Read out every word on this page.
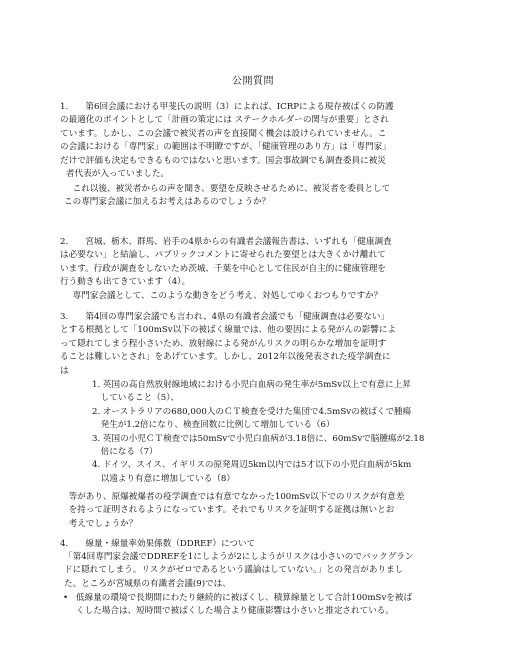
公開質問

1.　　第6回会議における甲斐氏の説明（3）によれば、ICRPによる現存被ばくの防護

の最適化のポイントとして「計画の策定には ステークホルダーの関与が重要」とされ

ています。しかし、この会議で被災者の声を直接聞く機会は設けられていません。こ

の会議における「専門家」の範囲は不明瞭ですが、「健康管理のあり方」は「専門家」

だけで評価も決定もできるものではないと思います。国会事故調でも調査委員に被災

者代表が入っていました。

　これ以後、被災者からの声を聞き、要望を反映させるために、被災者を委員として

この専門家会議に加えるお考えはあるのでしょうか？

2.　　宮城、栃木、群馬、岩手の4県からの有識者会議報告書は、いずれも「健康調査

は必要ない」と結論し、パブリックコメントに寄せられた要望とは大きくかけ離れて

います。行政が調査をしないため茨城、千葉を中心として住民が自主的に健康管理を

行う動きも出てきています（4）。

　専門家会議として、このような動きをどう考え、対処してゆくおつもりですか？

3.　　第4回の専門家会議でも言われ、4県の有識者会議でも「健康調査は必要ない」

とする根拠として「100mSv以下の被ばく線量では、他の要因による発がんの影響によ

って隠れてしまう程小さいため、放射線による発がんリスクの明らかな増加を証明す

ることは難しいとされ」をあげています。しかし、2012年以後発表された疫学調査に

は

1. 英国の高自然放射線地域における小児白血病の発生率が5mSv以上で有意に上昇
　していること（5）、
2. オーストラリアの680,000人のＣＴ検査を受けた集団で4.5mSvの被ばくで腫瘍
　発生が1.2倍になり、検査回数に比例して増加している（6）
3. 英国の小児ＣＴ検査では50mSvで小児白血病が3.18倍に、60mSvで脳腫瘍が2.18
　倍になる（7）
4. ドイツ、スイス、イギリスの原発周辺5km以内では5才以下の小児白血病が5km
　以遠より有意に増加している（8）

　等があり、原爆被爆者の疫学調査では有意でなかった100mSv以下でのリスクが有意差

　を持って証明されるようになっています。それでもリスクを証明する証拠は無いとお

　考えでしょうか？

4.　　線量・線量率効果係数（DDREF）について

「第4回専門家会議でDDREFを1にしようが2にしようがリスクは小さいのでバックグラン

ドに隠れてしまう。リスクがゼロであるという議論はしていない。」との発言がありまし

た。ところが宮城県の有識者会議(9)では、

• 低線量の環境で長期間にわたり継続的に被ばくし、積算線量として合計100mSvを被ば

くした場合は、短時間で被ばくした場合より健康影響は小さいと推定されている。
